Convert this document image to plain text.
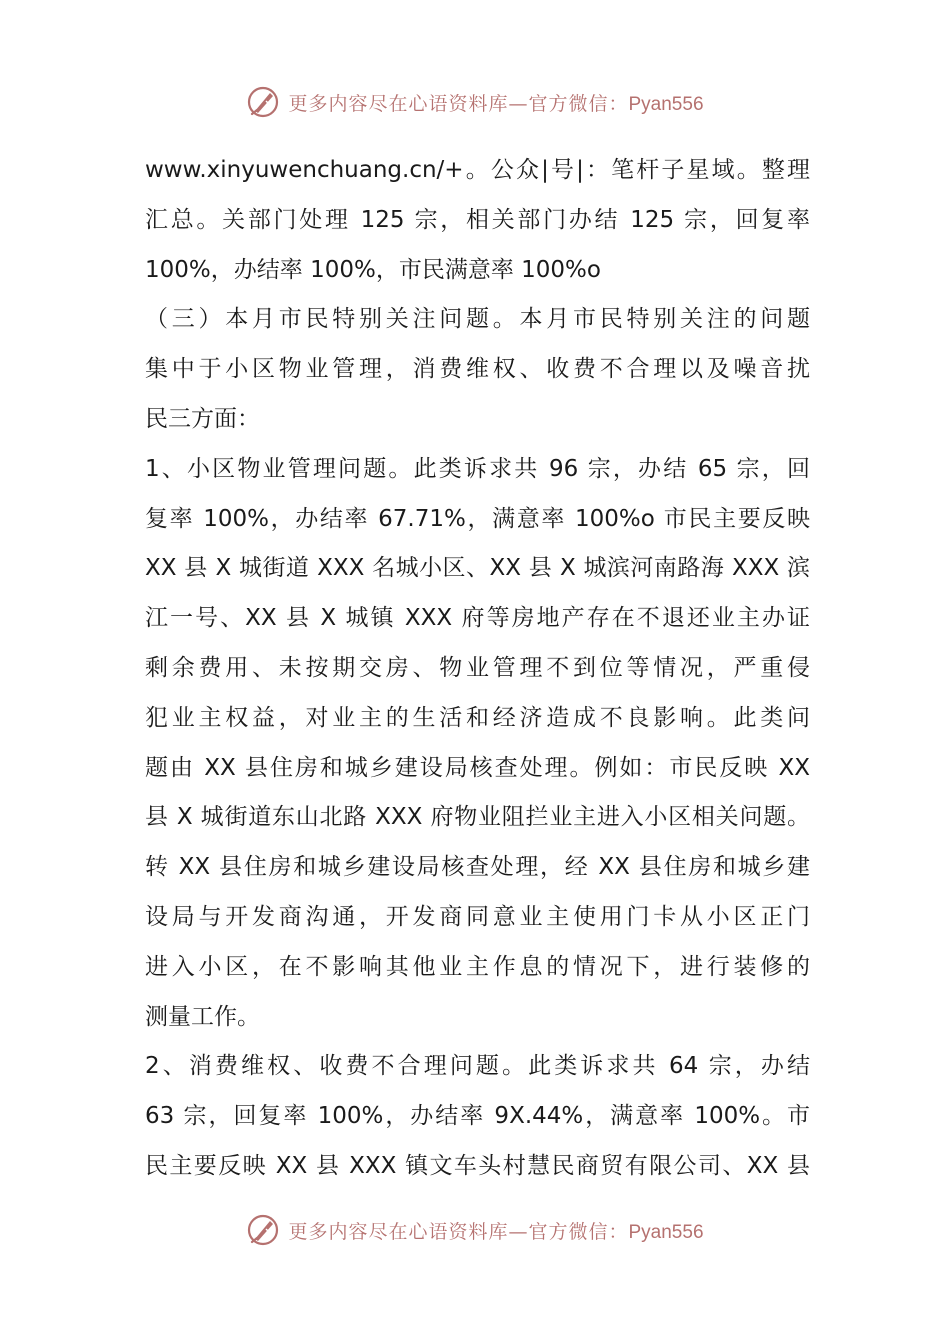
更多内容尽在心语资料库—官方微信：Pyan556
www.xinyuwenchuang.cn/+。公众|号|：笔杆子星域。整理
汇总。关部门处理 125 宗，相关部门办结 125 宗，回复率
100%，办结率 100%，市民满意率 100%o
（三）本月市民特别关注问题。本月市民特别关注的问题
集中于小区物业管理，消费维权、收费不合理以及噪音扰
民三方面：
1、小区物业管理问题。此类诉求共 96 宗，办结 65 宗，回
复率 100%，办结率 67.71%，满意率 100%o 市民主要反映
XX 县 X 城街道 XXX 名城小区、XX 县 X 城滨河南路海 XXX 滨
江一号、XX 县 X 城镇 XXX 府等房地产存在不退还业主办证
剩余费用、未按期交房、物业管理不到位等情况，严重侵
犯业主权益，对业主的生活和经济造成不良影响。此类问
题由 XX 县住房和城乡建设局核查处理。例如：市民反映 XX
县 X 城街道东山北路 XXX 府物业阻拦业主进入小区相关问题。
转 XX 县住房和城乡建设局核查处理，经 XX 县住房和城乡建
设局与开发商沟通，开发商同意业主使用门卡从小区正门
进入小区，在不影响其他业主作息的情况下，进行装修的
测量工作。
2、消费维权、收费不合理问题。此类诉求共 64 宗，办结
63 宗，回复率 100%，办结率 9X.44%，满意率 100%。市
民主要反映 XX 县 XXX 镇文车头村慧民商贸有限公司、XX 县
更多内容尽在心语资料库—官方微信：Pyan556
